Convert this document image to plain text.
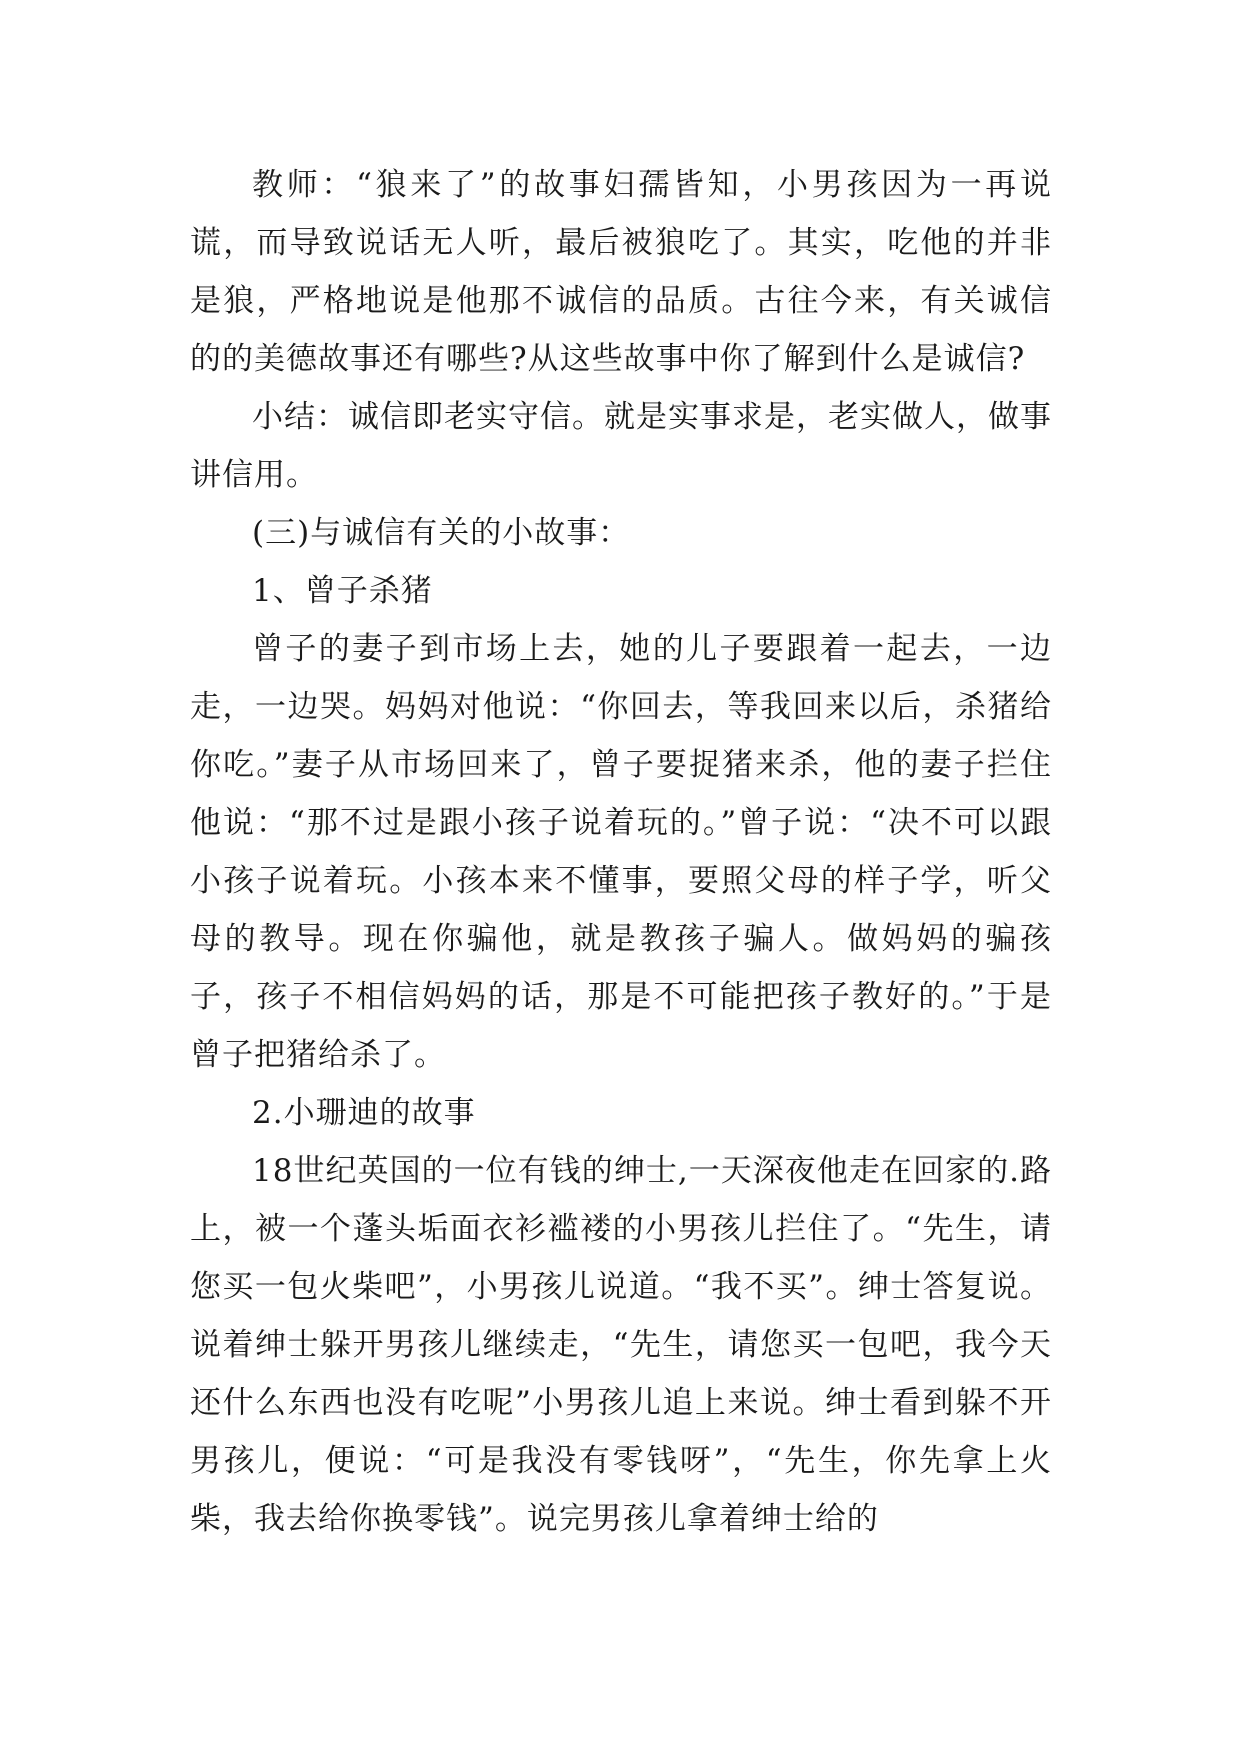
教师：“狼来了”的故事妇孺皆知，小男孩因为一再说谎，而导致说话无人听，最后被狼吃了。其实，吃他的并非是狼，严格地说是他那不诚信的品质。古往今来，有关诚信的的美德故事还有哪些?从这些故事中你了解到什么是诚信?

小结：诚信即老实守信。就是实事求是，老实做人，做事讲信用。

(三)与诚信有关的小故事：

1、曾子杀猪

曾子的妻子到市场上去，她的儿子要跟着一起去，一边走，一边哭。妈妈对他说：“你回去，等我回来以后，杀猪给你吃。”妻子从市场回来了，曾子要捉猪来杀，他的妻子拦住他说：“那不过是跟小孩子说着玩的。”曾子说：“决不可以跟小孩子说着玩。小孩本来不懂事，要照父母的样子学，听父母的教导。现在你骗他，就是教孩子骗人。做妈妈的骗孩子，孩子不相信妈妈的话，那是不可能把孩子教好的。”于是曾子把猪给杀了。

2.小珊迪的故事

18世纪英国的一位有钱的绅士,一天深夜他走在回家的.路上，被一个蓬头垢面衣衫褴褛的小男孩儿拦住了。“先生，请您买一包火柴吧”，小男孩儿说道。“我不买”。绅士答复说。说着绅士躲开男孩儿继续走，“先生，请您买一包吧，我今天还什么东西也没有吃呢”小男孩儿追上来说。绅士看到躲不开男孩儿，便说：“可是我没有零钱呀”，“先生，你先拿上火柴，我去给你换零钱”。说完男孩儿拿着绅士给的
